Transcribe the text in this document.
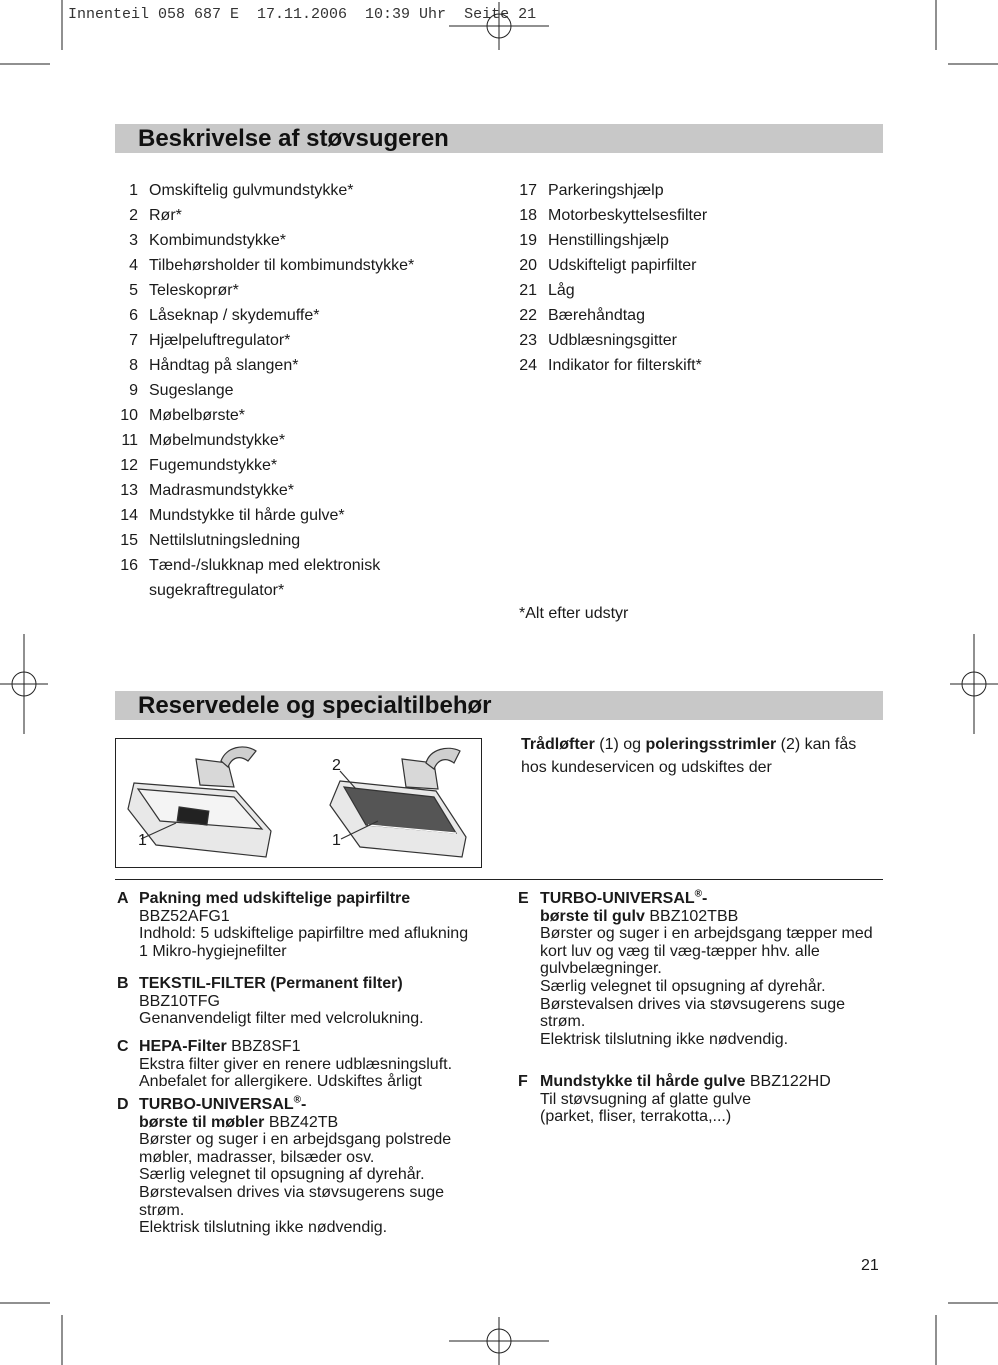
Innenteil 058 687 E  17.11.2006  10:39 Uhr  Seite 21
Beskrivelse af støvsugeren
1 Omskiftelig gulvmundstykke*
2 Rør*
3 Kombimundstykke*
4 Tilbehørsholder til kombimundstykke*
5 Teleskoprør*
6 Låseknap / skydemuffe*
7 Hjælpeluftregulator*
8 Håndtag på slangen*
9 Sugeslange
10 Møbelbørste*
11 Møbelmundstykke*
12 Fugemundstykke*
13 Madrasmundstykke*
14 Mundstykke til hårde gulve*
15 Nettilslutningsledning
16 Tænd-/slukknap med elektronisk sugekraftregulator*
17 Parkeringshjælp
18 Motorbeskyttelsesfilter
19 Henstillingshjælp
20 Udskifteligt papirfilter
21 Låg
22 Bærehåndtag
23 Udblæsningsgitter
24 Indikator for filterskift*
*Alt efter udstyr
Reservedele og specialtilbehør
1
2
1
Trådløfter (1) og poleringsstrimler (2) kan fås hos kundeservicen og udskiftes der
A Pakning med udskiftelige papirfiltre
BBZ52AFG1
Indhold: 5 udskiftelige papirfiltre med aflukning
1 Mikro-hygiejnefilter
B TEKSTIL-FILTER (Permanent filter)
BBZ10TFG
Genanvendeligt filter med velcrolukning.
C HEPA-Filter BBZ8SF1
Ekstra filter giver en renere udblæsningsluft.
Anbefalet for allergikere. Udskiftes årligt
D TURBO-UNIVERSAL®-
børste til møbler BBZ42TB
Børster og suger i en arbejdsgang polstrede møbler, madrasser, bilsæder osv.
Særlig velegnet til opsugning af dyrehår.
Børstevalsen drives via støvsugerens suge strøm.
Elektrisk tilslutning ikke nødvendig.
E TURBO-UNIVERSAL®-
børste til gulv BBZ102TBB
Børster og suger i en arbejdsgang tæpper med kort luv og væg til væg-tæpper hhv. alle gulvbelægninger.
Særlig velegnet til opsugning af dyrehår.
Børstevalsen drives via støvsugerens suge strøm.
Elektrisk tilslutning ikke nødvendig.
F Mundstykke til hårde gulve BBZ122HD
Til støvsugning af glatte gulve
(parket, fliser, terrakotta,...)
21
